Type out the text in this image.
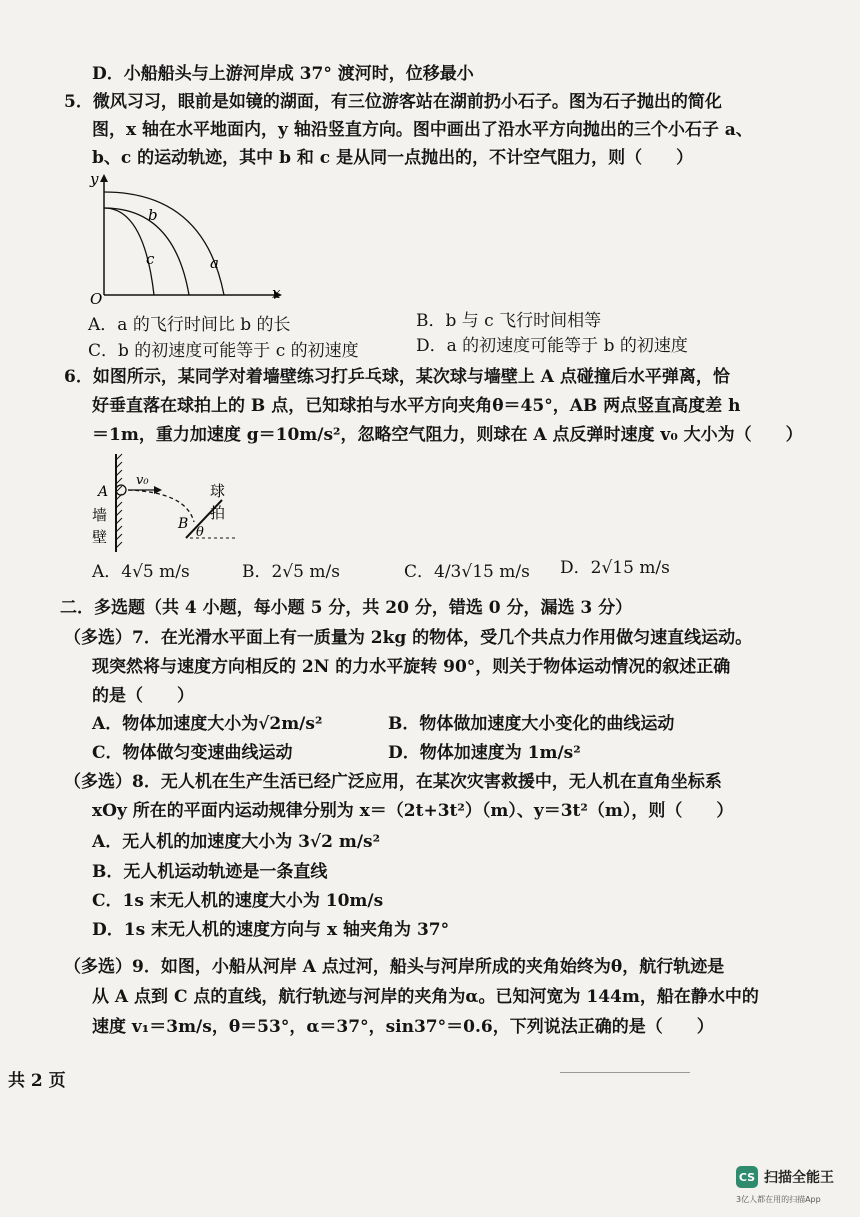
D．小船船头与上游河岸成 37° 渡河时，位移最小
5．微风习习，眼前是如镜的湖面，有三位游客站在湖前扔小石子。图为石子抛出的简化
图，x 轴在水平地面内，y 轴沿竖直方向。图中画出了沿水平方向抛出的三个小石子 a、
b、c 的运动轨迹，其中 b 和 c 是从同一点抛出的，不计空气阻力，则（　　）
y
x
O
a
b
c
A．a 的飞行时间比 b 的长	B．b 与 c 飞行时间相等
C．b 的初速度可能等于 c 的初速度	D．a 的初速度可能等于 b 的初速度
6．如图所示，某同学对着墙壁练习打乒乓球，某次球与墙壁上 A 点碰撞后水平弹离，恰
好垂直落在球拍上的 B 点，已知球拍与水平方向夹角θ＝45°，AB 两点竖直高度差 h
＝1m，重力加速度 g＝10m/s²，忽略空气阻力，则球在 A 点反弹时速度 v₀ 大小为（　　）
A
v₀
B
θ
墙
壁
球
拍
A．4√5 m/s	B．2√5 m/s	C．4/3√15 m/s D．2√15 m/s
二．多选题（共 4 小题，每小题 5 分，共 20 分，错选 0 分，漏选 3 分）
（多选）7．在光滑水平面上有一质量为 2kg 的物体，受几个共点力作用做匀速直线运动。
现突然将与速度方向相反的 2N 的力水平旋转 90°，则关于物体运动情况的叙述正确
的是（　　）
A．物体加速度大小为√2m/s²	B．物体做加速度大小变化的曲线运动
C．物体做匀变速曲线运动	D．物体加速度为 1m/s²
（多选）8．无人机在生产生活已经广泛应用，在某次灾害救援中，无人机在直角坐标系
xOy 所在的平面内运动规律分别为 x＝（2t+3t²）（m）、y＝3t²（m），则（　　）
A．无人机的加速度大小为 3√2 m/s²
B．无人机运动轨迹是一条直线
C．1s 末无人机的速度大小为 10m/s
D．1s 末无人机的速度方向与 x 轴夹角为 37°
（多选）9．如图，小船从河岸 A 点过河，船头与河岸所成的夹角始终为θ，航行轨迹是
从 A 点到 C 点的直线，航行轨迹与河岸的夹角为α。已知河宽为 144m，船在静水中的
速度 v₁＝3m/s，θ＝53°，α＝37°，sin37°＝0.6，下列说法正确的是（　　）
共 2 页
CS 扫描全能王
3亿人都在用的扫描App
